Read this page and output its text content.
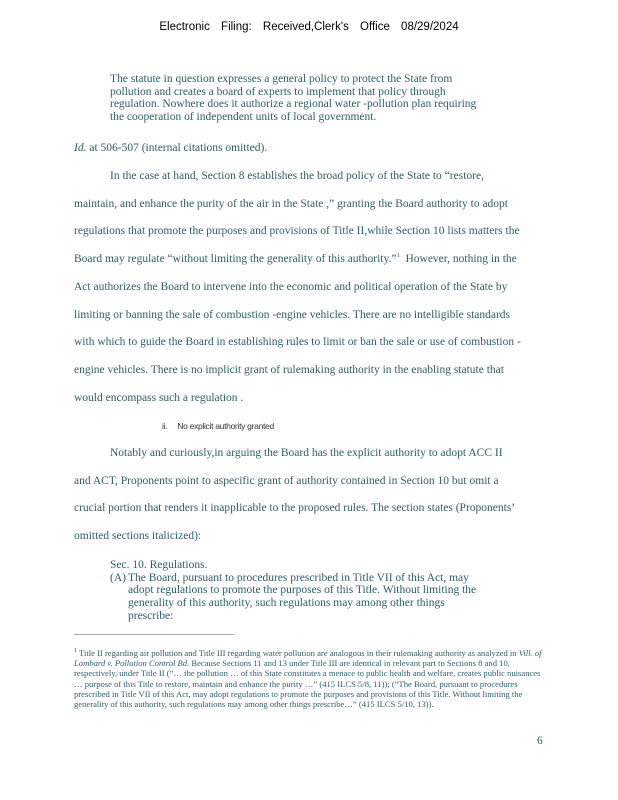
Electronic Filing: Received,Clerk's Office 08/29/2024
The statute in question expresses a general policy to protect the State from
pollution and creates a board of experts to implement that policy through
regulation. Nowhere does it authorize a regional water -pollution plan requiring
the cooperation of independent units of local government.
Id. at 506-507 (internal citations omitted).
In the case at hand, Section 8 establishes the broad policy of the State to “restore,
maintain, and enhance the purity of the air in the State ,” granting the Board authority to adopt
regulations that promote the purposes and provisions of Title II,while Section 10 lists matters the
Board may regulate “without limiting the generality of this authority.”$^1$ However, nothing in the
Act authorizes the Board to intervene into the economic and political operation of the State by
limiting or banning the sale of combustion -engine vehicles. There are no intelligible standards
with which to guide the Board in establishing rules to limit or ban the sale or use of combustion -
engine vehicles. There is no implicit grant of rulemaking authority in the enabling statute that
would encompass such a regulation .
ii. No explicit authority granted
Notably and curiously,in arguing the Board has the explicit authority to adopt ACC II
and ACT, Proponents point to aspecific grant of authority contained in Section 10 but omit a
crucial portion that renders it inapplicable to the proposed rules. The section states (Proponents’
omitted sections italicized):
Sec. 10. Regulations.
(A) The Board, pursuant to procedures prescribed in Title VII of this Act, may
adopt regulations to promote the purposes of this Title. Without limiting the
generality of this authority, such regulations may among other things
prescribe:
$^1$ Title II regarding air pollution and Title III regarding water pollution are analogous in their rulemaking authority as analyzed in Vill. of Lombard v. Pollution Control Bd. Because Sections 11 and 13 under Title III are identical in relevant part to Sections 8 and 10, respectively, under Title II (“… the pollution … of this State constitutes a menace to public health and welfare, creates public nuisances … purpose of this Title to restore, maintain and enhance the purity …” (415 ILCS 5/8, 11)); (“The Board, pursuant to procedures prescribed in Title VII of this Act, may adopt regulations to promote the purposes and provisions of this Title. Without limiting the generality of this authority, such regulations may among other things prescribe…” (415 ILCS 5/10, 13)).
6
